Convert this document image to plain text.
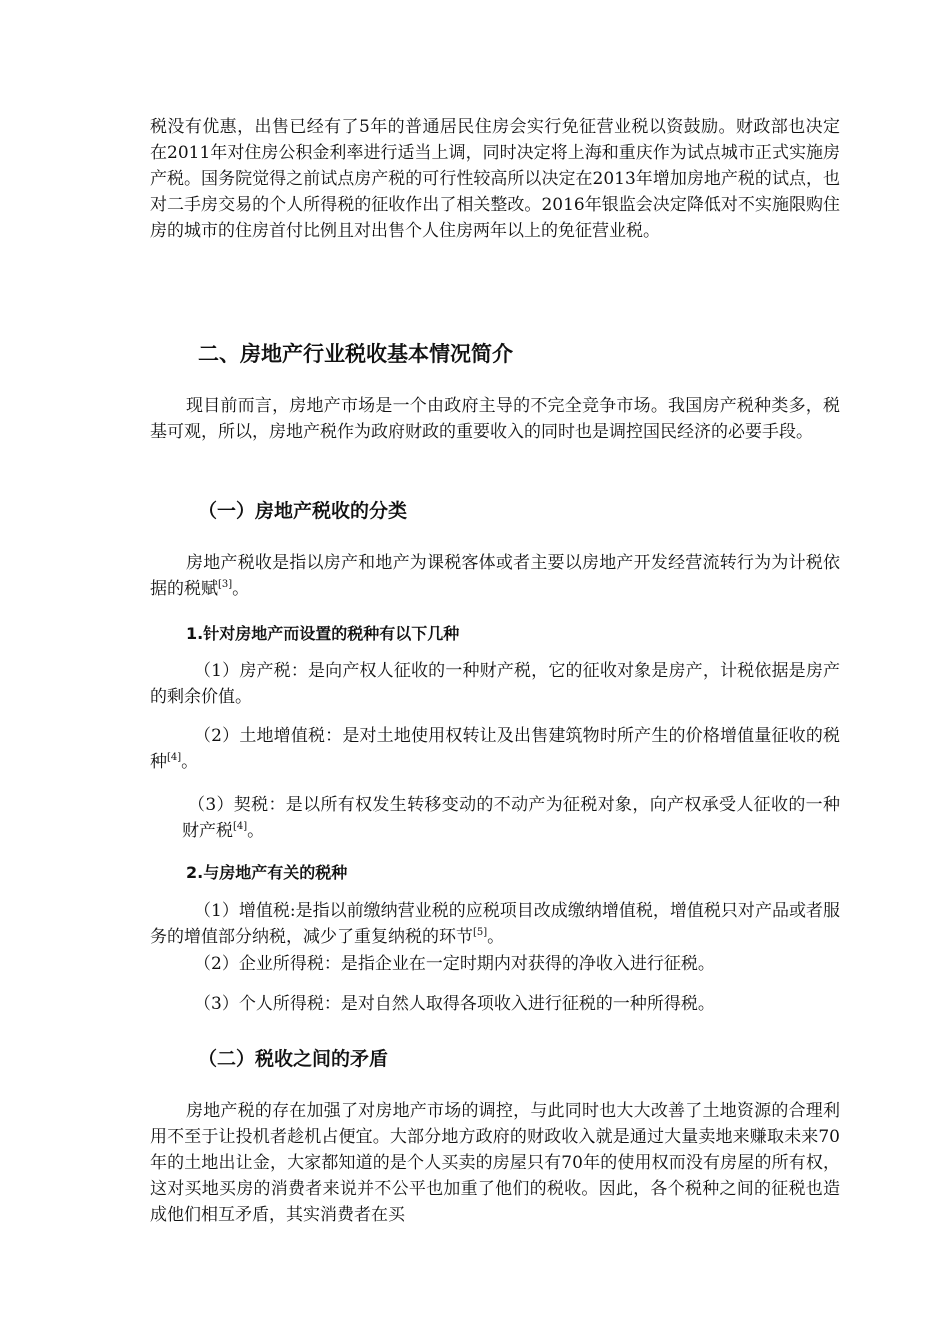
税没有优惠，出售已经有了5年的普通居民住房会实行免征营业税以资鼓励。财政部也决定在2011年对住房公积金利率进行适当上调，同时决定将上海和重庆作为试点城市正式实施房产税。国务院觉得之前试点房产税的可行性较高所以决定在2013年增加房地产税的试点，也对二手房交易的个人所得税的征收作出了相关整改。2016年银监会决定降低对不实施限购住房的城市的住房首付比例且对出售个人住房两年以上的免征营业税。

二、房地产行业税收基本情况简介

现目前而言，房地产市场是一个由政府主导的不完全竞争市场。我国房产税种类多，税基可观，所以，房地产税作为政府财政的重要收入的同时也是调控国民经济的必要手段。

（一）房地产税收的分类

房地产税收是指以房产和地产为课税客体或者主要以房地产开发经营流转行为为计税依据的税赋[3]。

1.针对房地产而设置的税种有以下几种

（1）房产税：是向产权人征收的一种财产税，它的征收对象是房产，计税依据是房产的剩余价值。

（2）土地增值税：是对土地使用权转让及出售建筑物时所产生的价格增值量征收的税种[4]。

（3）契税：是以所有权发生转移变动的不动产为征税对象，向产权承受人征收的一种财产税[4]。

2.与房地产有关的税种

（1）增值税:是指以前缴纳营业税的应税项目改成缴纳增值税，增值税只对产品或者服务的增值部分纳税，减少了重复纳税的环节[5]。

（2）企业所得税：是指企业在一定时期内对获得的净收入进行征税。

（3）个人所得税：是对自然人取得各项收入进行征税的一种所得税。

（二）税收之间的矛盾

房地产税的存在加强了对房地产市场的调控，与此同时也大大改善了土地资源的合理利用不至于让投机者趁机占便宜。大部分地方政府的财政收入就是通过大量卖地来赚取未来70年的土地出让金，大家都知道的是个人买卖的房屋只有70年的使用权而没有房屋的所有权，这对买地买房的消费者来说并不公平也加重了他们的税收。因此，各个税种之间的征税也造成他们相互矛盾，其实消费者在买
